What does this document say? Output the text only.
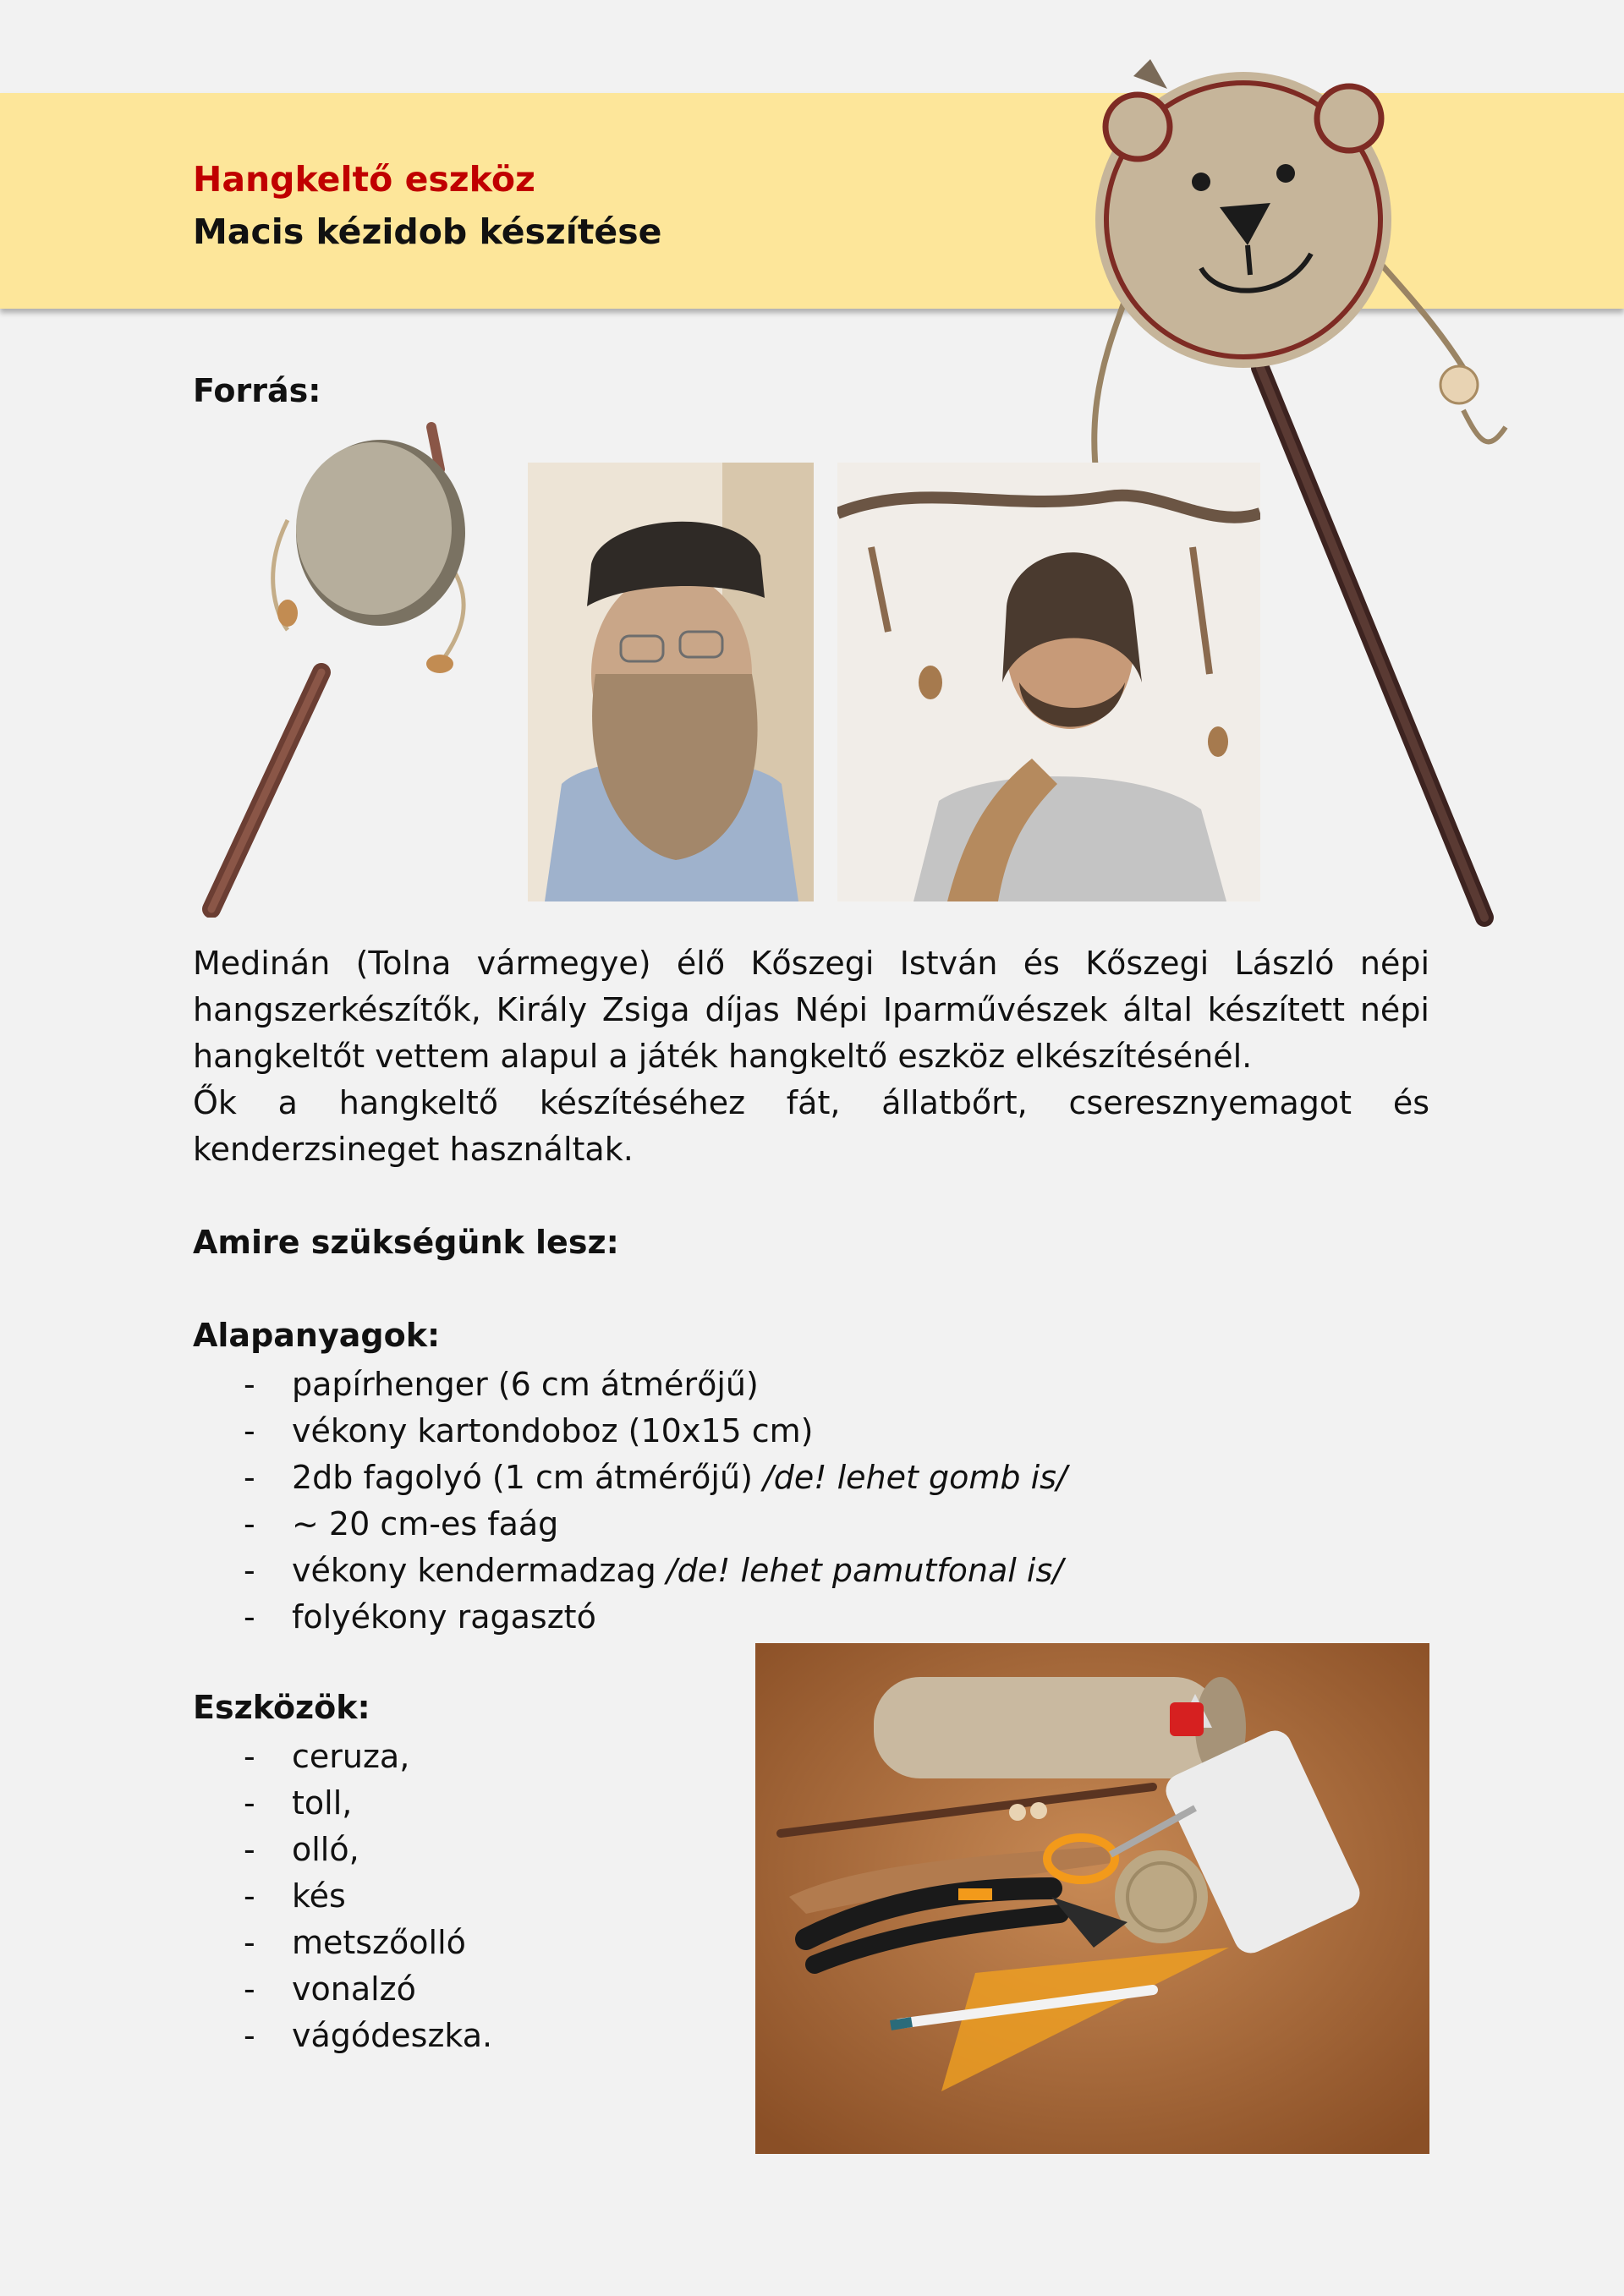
Hangkeltő eszköz
Macis kézidob készítése
Forrás:

Medinán (Tolna vármegye) élő Kőszegi István és Kőszegi László népi hangszerkészítők, Király Zsiga díjas Népi Iparművészek által készített népi hangkeltőt vettem alapul a játék hangkeltő eszköz elkészítésénél.

Ők a hangkeltő készítéséhez fát, állatbőrt, cseresznyemagot és kenderzsineget használtak.

Amire szükségünk lesz:
Alapanyagok:
- papírhenger (6 cm átmérőjű)
- vékony kartondoboz (10x15 cm)
- 2db fagolyó (1 cm átmérőjű) /de! lehet gomb is/
- ~ 20 cm-es faág
- vékony kendermadzag /de! lehet pamutfonal is/
- folyékony ragasztó
Eszközök:
- ceruza,
- toll,
- olló,
- kés
- metszőolló
- vonalzó
- vágódeszka.
